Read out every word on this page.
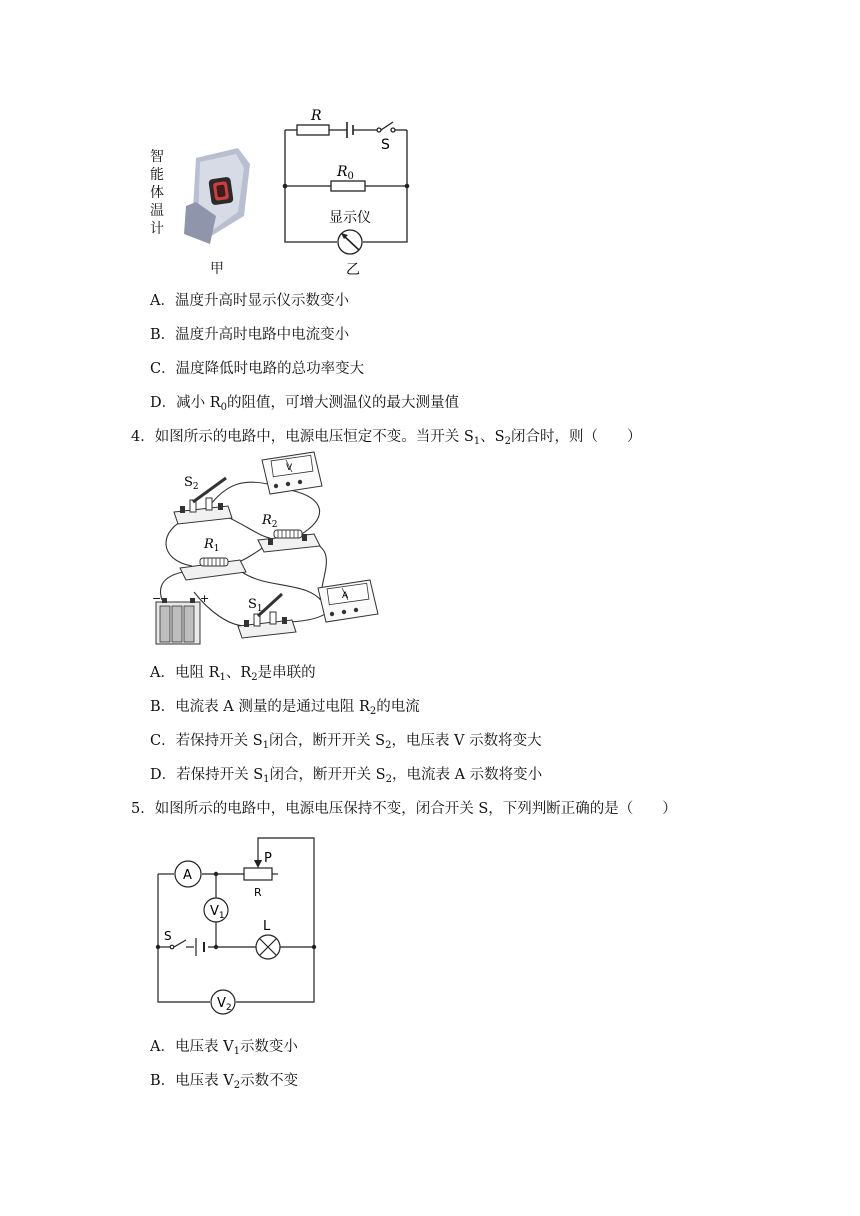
智
能
体
温
计
甲
R
S
$R_0$
显示仪
乙
A．温度升高时显示仪示数变小
B．温度升高时电路中电流变小
C．温度降低时电路的总功率变大
D．减小 $R_0$的阻值，可增大测温仪的最大测量值
4．如图所示的电路中，电源电压恒定不变。当开关 $S_1$、$S_2$闭合时，则（　　）
$S_2$
$R_2$
$R_1$
$S_1$
V
A
−	+
A．电阻 $R_1$、$R_2$是串联的
B．电流表 A 测量的是通过电阻 $R_2$的电流
C．若保持开关 $S_1$闭合，断开开关 $S_2$，电压表 V 示数将变大
D．若保持开关 $S_1$闭合，断开开关 $S_2$，电流表 A 示数将变小
5．如图所示的电路中，电源电压保持不变，闭合开关 S，下列判断正确的是（　　）
A
P
R
$V_1$
L
S
$V_2$
A．电压表 $V_1$示数变小
B．电压表 $V_2$示数不变
